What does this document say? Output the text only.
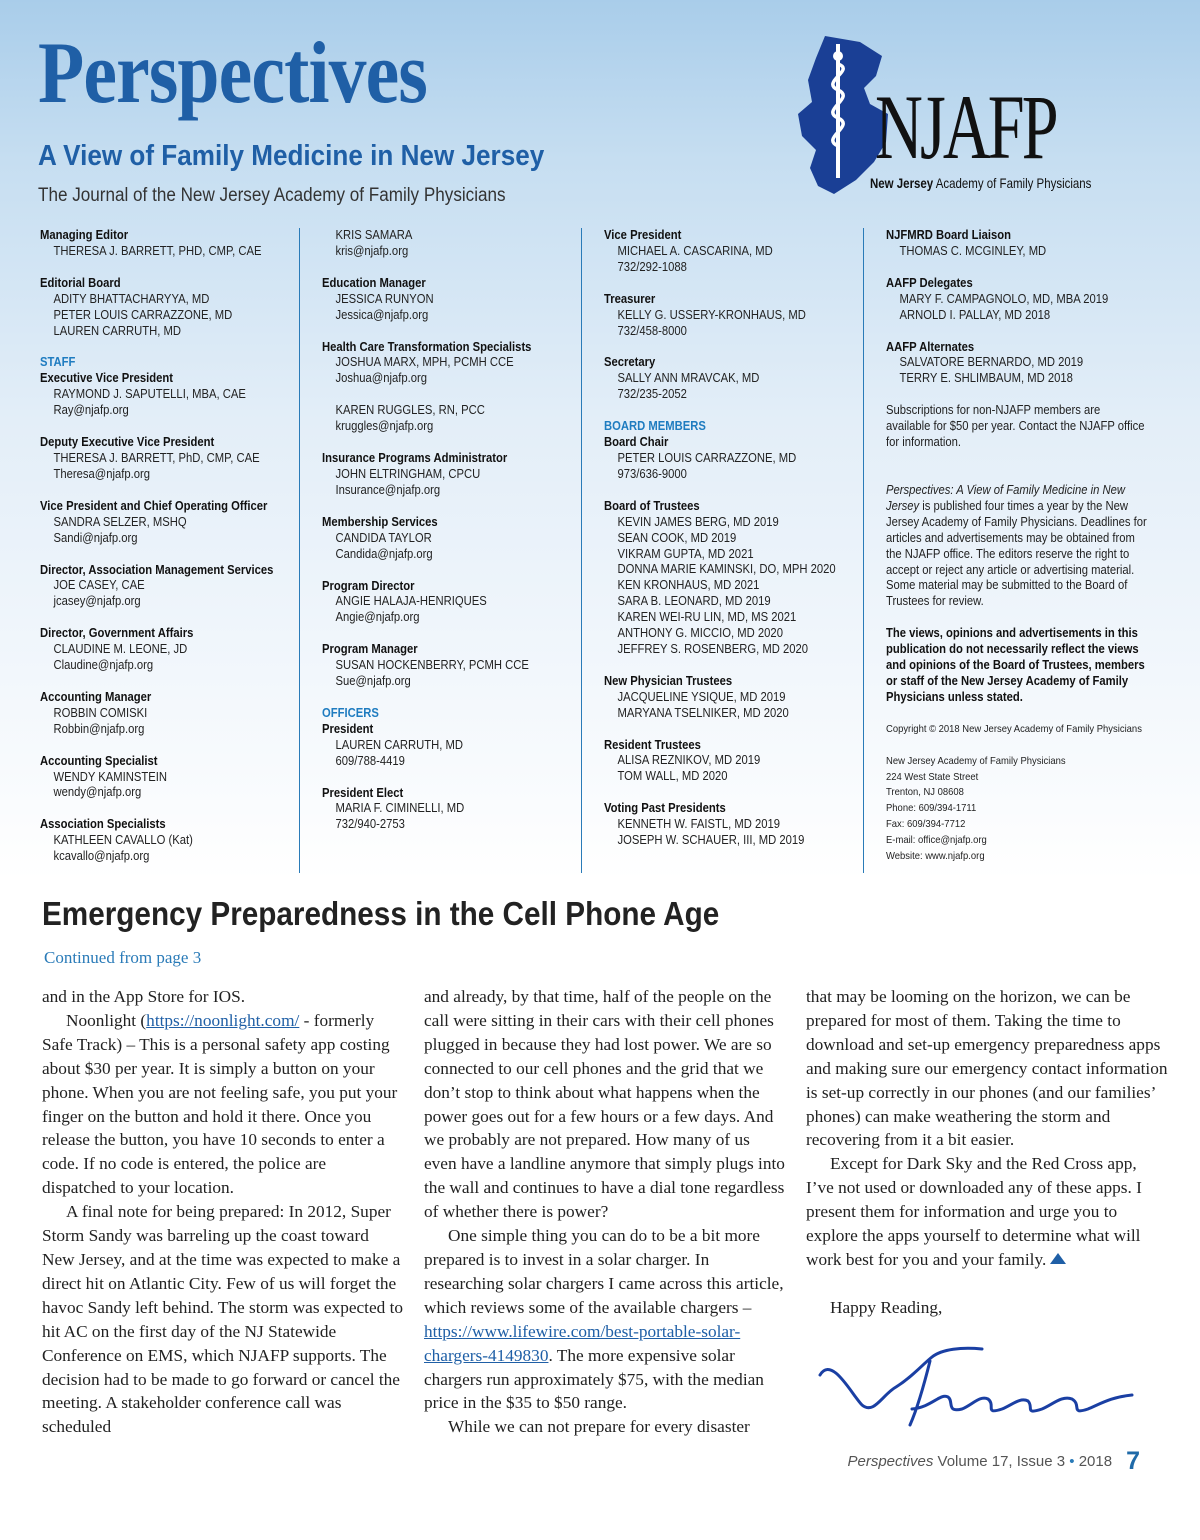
Perspectives
A View of Family Medicine in New Jersey
The Journal of the New Jersey Academy of Family Physicians
NJAFP
New Jersey Academy of Family Physicians
Managing Editor
THERESA J. BARRETT, PHD, CMP, CAE
Editorial Board
ADITY BHATTACHARYYA, MD
PETER LOUIS CARRAZZONE, MD
LAUREN CARRUTH, MD
STAFF
Executive Vice President
RAYMOND J. SAPUTELLI, MBA, CAE
Ray@njafp.org
Deputy Executive Vice President
THERESA J. BARRETT, PhD, CMP, CAE
Theresa@njafp.org
Vice President and Chief Operating Officer
SANDRA SELZER, MSHQ
Sandi@njafp.org
Director, Association Management Services
JOE CASEY, CAE
jcasey@njafp.org
Director, Government Affairs
CLAUDINE M. LEONE, JD
Claudine@njafp.org
Accounting Manager
ROBBIN COMISKI
Robbin@njafp.org
Accounting Specialist
WENDY KAMINSTEIN
wendy@njafp.org
Association Specialists
KATHLEEN CAVALLO (Kat)
kcavallo@njafp.org
KRIS SAMARA
kris@njafp.org
Education Manager
JESSICA RUNYON
Jessica@njafp.org
Health Care Transformation Specialists
JOSHUA MARX, MPH, PCMH CCE
Joshua@njafp.org
KAREN RUGGLES, RN, PCC
kruggles@njafp.org
Insurance Programs Administrator
JOHN ELTRINGHAM, CPCU
Insurance@njafp.org
Membership Services
CANDIDA TAYLOR
Candida@njafp.org
Program Director
ANGIE HALAJA-HENRIQUES
Angie@njafp.org
Program Manager
SUSAN HOCKENBERRY, PCMH CCE
Sue@njafp.org
OFFICERS
President
LAUREN CARRUTH, MD
609/788-4419
President Elect
MARIA F. CIMINELLI, MD
732/940-2753
Vice President
MICHAEL A. CASCARINA, MD
732/292-1088
Treasurer
KELLY G. USSERY-KRONHAUS, MD
732/458-8000
Secretary
SALLY ANN MRAVCAK, MD
732/235-2052
BOARD MEMBERS
Board Chair
PETER LOUIS CARRAZZONE, MD
973/636-9000
Board of Trustees
KEVIN JAMES BERG, MD 2019
SEAN COOK, MD 2019
VIKRAM GUPTA, MD 2021
DONNA MARIE KAMINSKI, DO, MPH 2020
KEN KRONHAUS, MD 2021
SARA B. LEONARD, MD 2019
KAREN WEI-RU LIN, MD, MS 2021
ANTHONY G. MICCIO, MD 2020
JEFFREY S. ROSENBERG, MD 2020
New Physician Trustees
JACQUELINE YSIQUE, MD 2019
MARYANA TSELNIKER, MD 2020
Resident Trustees
ALISA REZNIKOV, MD 2019
TOM WALL, MD 2020
Voting Past Presidents
KENNETH W. FAISTL, MD 2019
JOSEPH W. SCHAUER, III, MD 2019
NJFMRD Board Liaison
THOMAS C. MCGINLEY, MD
AAFP Delegates
MARY F. CAMPAGNOLO, MD, MBA 2019
ARNOLD I. PALLAY, MD 2018
AAFP Alternates
SALVATORE BERNARDO, MD 2019
TERRY E. SHLIMBAUM, MD 2018
Subscriptions for non-NJAFP members are available for $50 per year. Contact the NJAFP office for information.
Perspectives: A View of Family Medicine in New Jersey is published four times a year by the New Jersey Academy of Family Physicians. Deadlines for articles and advertisements may be obtained from the NJAFP office. The editors reserve the right to accept or reject any article or advertising material. Some material may be submitted to the Board of Trustees for review.
The views, opinions and advertisements in this publication do not necessarily reflect the views and opinions of the Board of Trustees, members or staff of the New Jersey Academy of Family Physicians unless stated.
Copyright © 2018 New Jersey Academy of Family Physicians
New Jersey Academy of Family Physicians
224 West State Street
Trenton, NJ 08608
Phone: 609/394-1711
Fax: 609/394-7712
E-mail: office@njafp.org
Website: www.njafp.org
Emergency Preparedness in the Cell Phone Age
Continued from page 3

and in the App Store for IOS.

Noonlight (https://noonlight.com/ - formerly Safe Track) – This is a personal safety app costing about $30 per year. It is simply a button on your phone. When you are not feeling safe, you put your finger on the button and hold it there. Once you release the button, you have 10 seconds to enter a code. If no code is entered, the police are dispatched to your location.

A final note for being prepared: In 2012, Super Storm Sandy was barreling up the coast toward New Jersey, and at the time was expected to make a direct hit on Atlantic City. Few of us will forget the havoc Sandy left behind. The storm was expected to hit AC on the first day of the NJ Statewide Conference on EMS, which NJAFP supports. The decision had to be made to go forward or cancel the meeting. A stakeholder conference call was scheduled

and already, by that time, half of the people on the call were sitting in their cars with their cell phones plugged in because they had lost power. We are so connected to our cell phones and the grid that we don’t stop to think about what happens when the power goes out for a few hours or a few days. And we probably are not prepared. How many of us even have a landline anymore that simply plugs into the wall and continues to have a dial tone regardless of whether there is power?

One simple thing you can do to be a bit more prepared is to invest in a solar charger. In researching solar chargers I came across this article, which reviews some of the available chargers – https://www.lifewire.com/best-portable-solar-chargers-4149830. The more expensive solar chargers run approximately $75, with the median price in the $35 to $50 range.

While we can not prepare for every disaster

that may be looming on the horizon, we can be prepared for most of them. Taking the time to download and set-up emergency preparedness apps and making sure our emergency contact information is set-up correctly in our phones (and our families’ phones) can make weathering the storm and recovering from it a bit easier.

Except for Dark Sky and the Red Cross app, I’ve not used or downloaded any of these apps. I present them for information and urge you to explore the apps yourself to determine what will work best for you and your family.

Happy Reading,

Perspectives Volume 17, Issue 3 • 2018 7
